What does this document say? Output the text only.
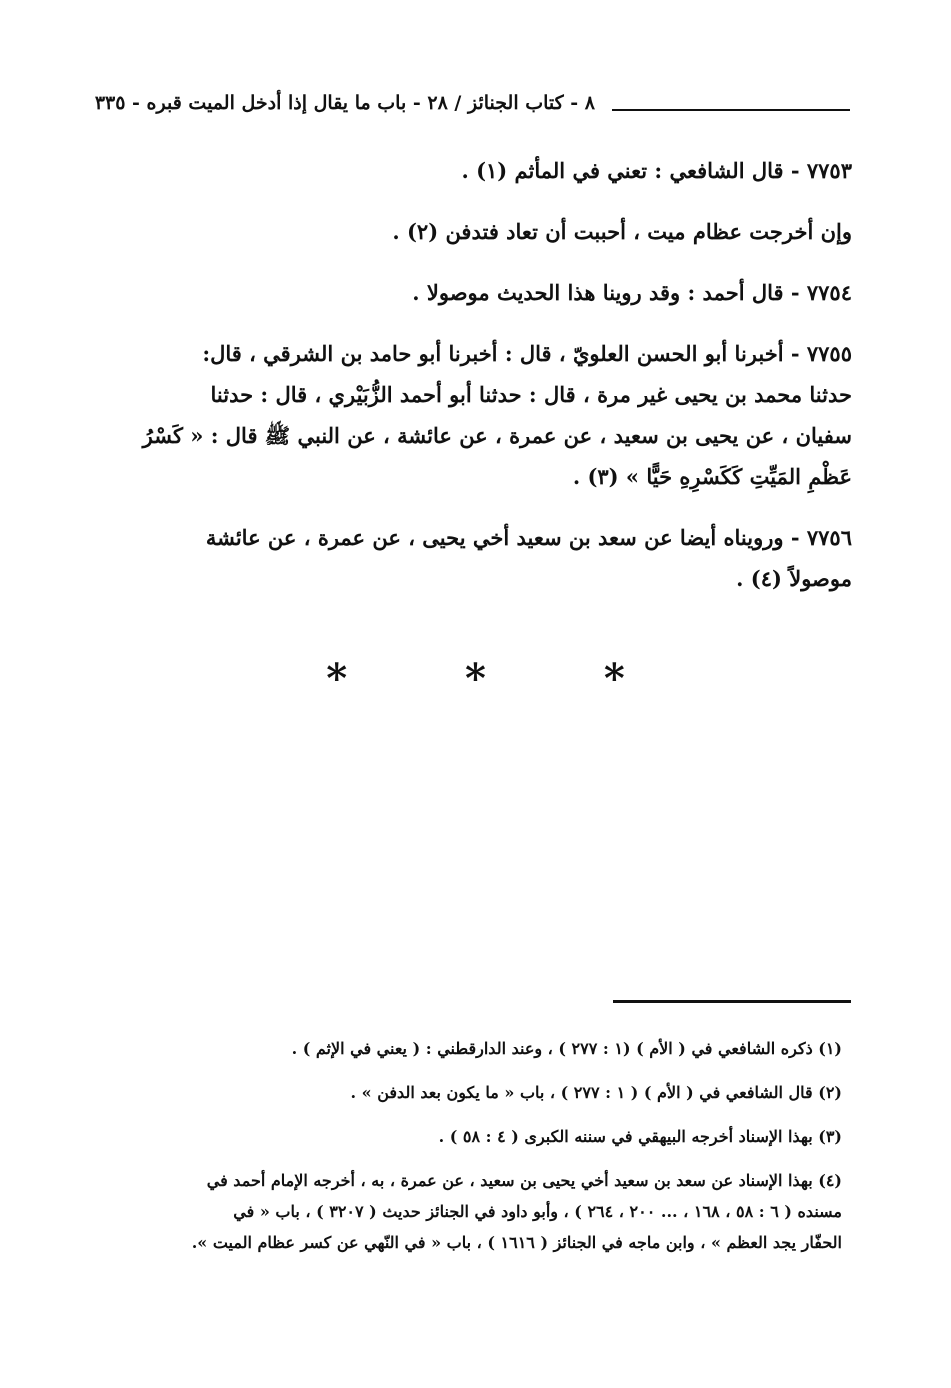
٨ - كتاب الجنائز / ٢٨ - باب ما يقال إذا أدخل الميت قبره - ٣٣٥

٧٧٥٣ - قال الشافعي : تعني في المأثم (١) .

وإن أخرجت عظام ميت ، أحببت أن تعاد فتدفن (٢) .

٧٧٥٤ - قال أحمد : وقد روينا هذا الحديث موصولا .

٧٧٥٥ - أخبرنا أبو الحسن العلويّ ، قال : أخبرنا أبو حامد بن الشرقي ، قال:
حدثنا محمد بن يحيى غير مرة ، قال : حدثنا أبو أحمد الزُّبَيْري ، قال : حدثنا
سفيان ، عن يحيى بن سعيد ، عن عمرة ، عن عائشة ، عن النبي ﷺ قال : « كَسْرُ
عَظْمِ المَيِّتِ كَكَسْرِهِ حَيًّا » (٣) .

٧٧٥٦ - ورويناه أيضا عن سعد بن سعيد أخي يحيى ، عن عمرة ، عن عائشة
موصولاً (٤) .

* * *
(١) ذكره الشافعي في ( الأم ) (١ : ٢٧٧ ) ، وعند الدارقطني : ( يعني في الإثم ) .
(٢) قال الشافعي في ( الأم ) ( ١ : ٢٧٧ ) ، باب « ما يكون بعد الدفن » .
(٣) بهذا الإسناد أخرجه البيهقي في سننه الكبرى ( ٤ : ٥٨ ) .
(٤) بهذا الإسناد عن سعد بن سعيد أخي يحيى بن سعيد ، عن عمرة ، به ، أخرجه الإمام أحمد في
مسنده ( ٦ : ٥٨ ، ١٦٨ ، ... ٢٠٠ ، ٢٦٤ ) ، وأبو داود في الجنائز حديث ( ٣٢٠٧ ) ، باب « في
الحفّار يجد العظم » ، وابن ماجه في الجنائز ( ١٦١٦ ) ، باب « في النّهي عن كسر عظام الميت ».
